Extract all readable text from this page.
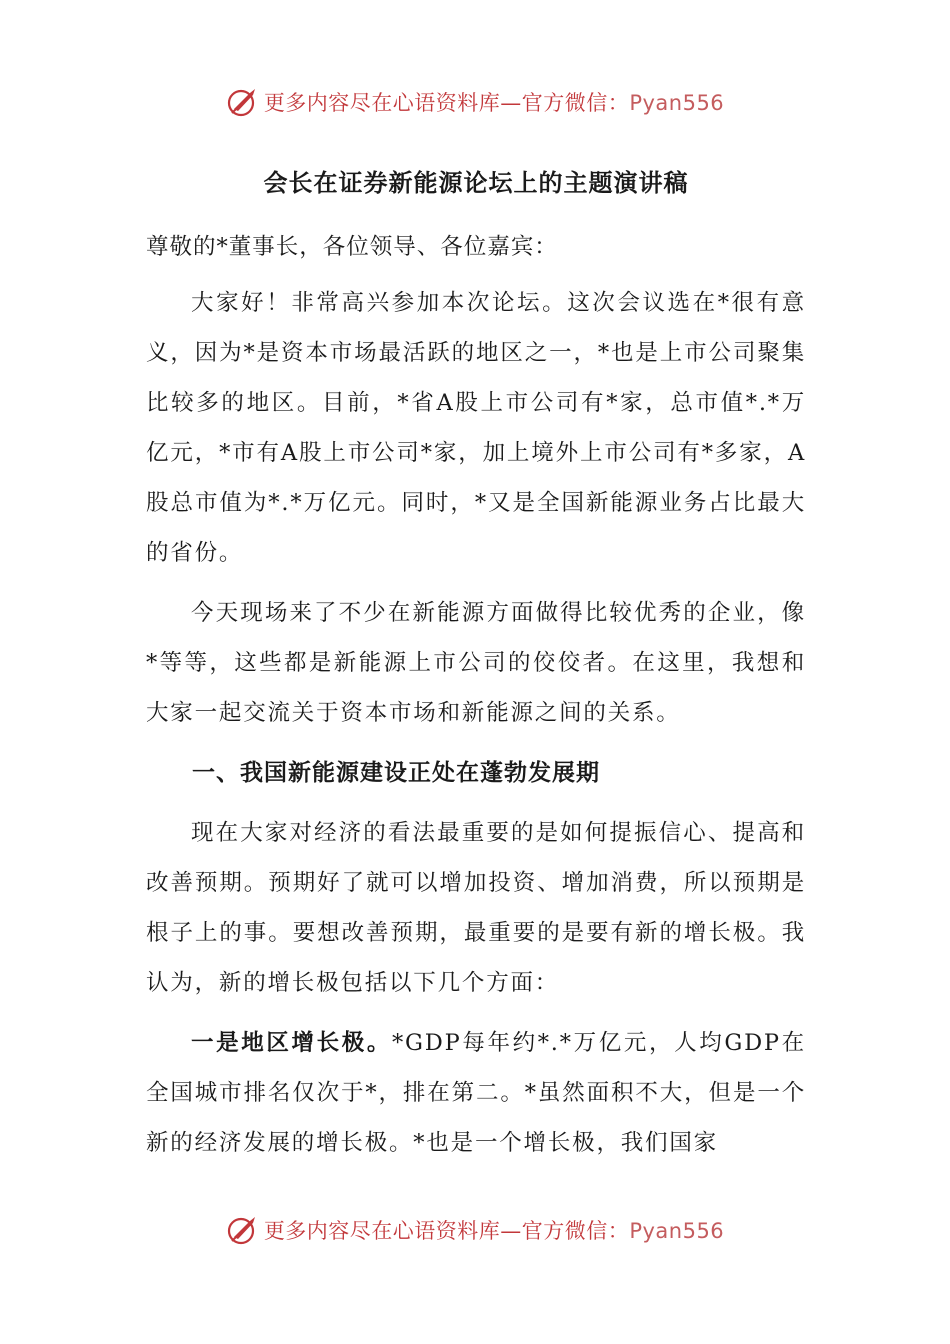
更多内容尽在心语资料库—官方微信：Pyan556
会长在证券新能源论坛上的主题演讲稿
尊敬的*董事长，各位领导、各位嘉宾：

大家好！非常高兴参加本次论坛。这次会议选在*很有意义，因为*是资本市场最活跃的地区之一，*也是上市公司聚集比较多的地区。目前，*省A股上市公司有*家，总市值*.*万亿元，*市有A股上市公司*家，加上境外上市公司有*多家，A股总市值为*.*万亿元。同时，*又是全国新能源业务占比最大的省份。

今天现场来了不少在新能源方面做得比较优秀的企业，像*等等，这些都是新能源上市公司的佼佼者。在这里，我想和大家一起交流关于资本市场和新能源之间的关系。

一、我国新能源建设正处在蓬勃发展期

现在大家对经济的看法最重要的是如何提振信心、提高和改善预期。预期好了就可以增加投资、增加消费，所以预期是根子上的事。要想改善预期，最重要的是要有新的增长极。我认为，新的增长极包括以下几个方面：

一是地区增长极。*GDP每年约*.*万亿元，人均GDP在全国城市排名仅次于*，排在第二。*虽然面积不大，但是一个新的经济发展的增长极。*也是一个增长极，我们国家

更多内容尽在心语资料库—官方微信：Pyan556
